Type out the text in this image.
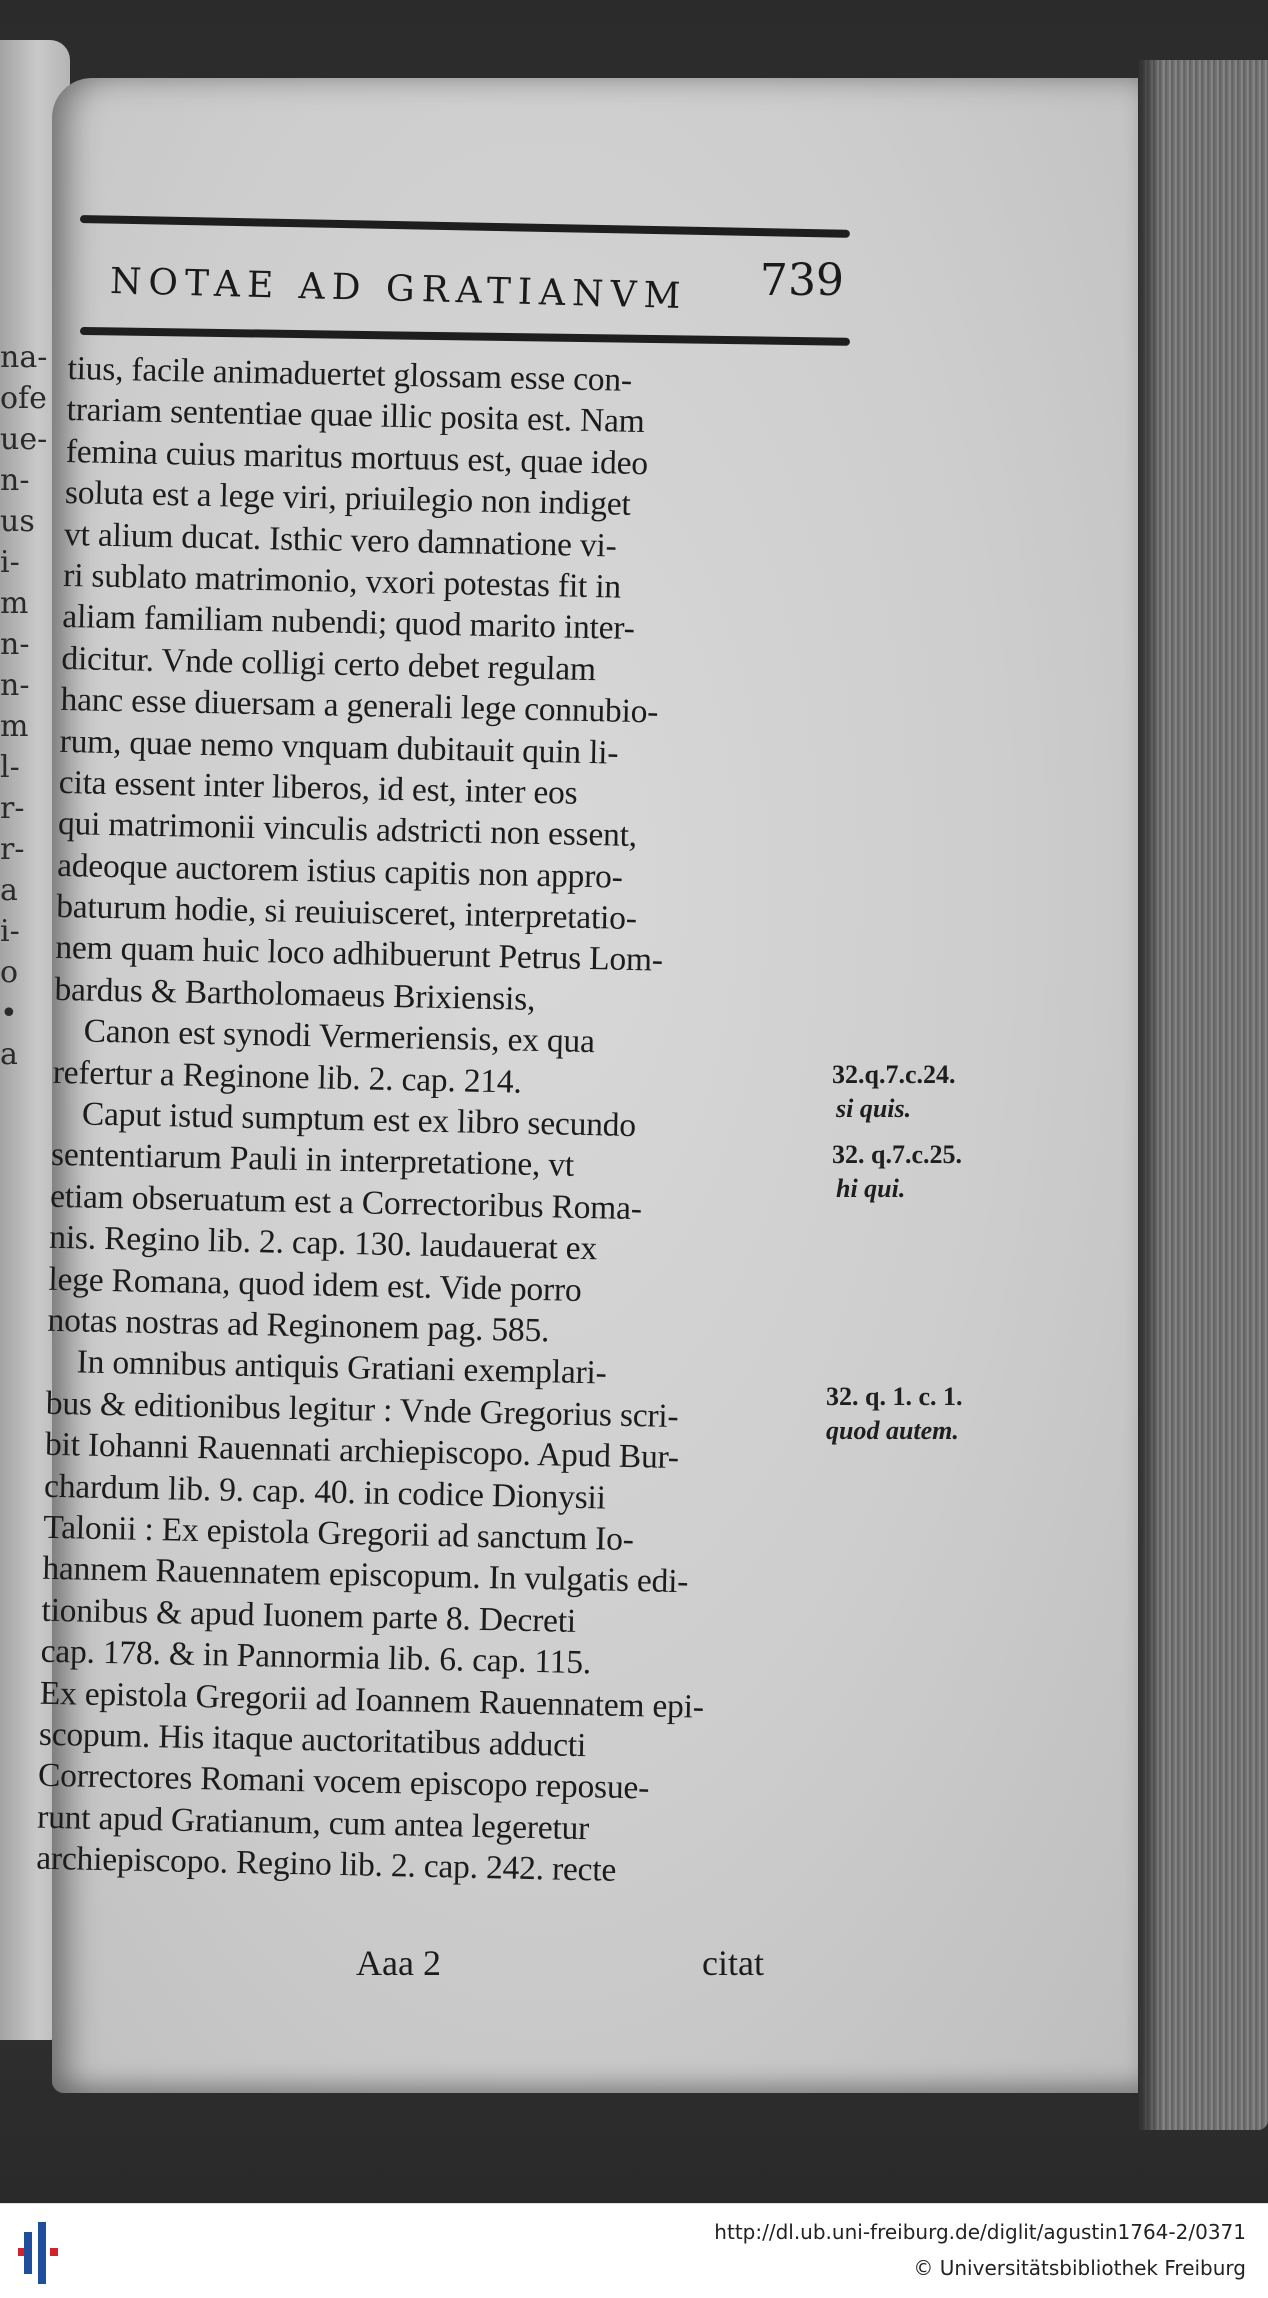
na-
ofe
ue-
n-
us
i-
m
n-
n-
m
l-
r-
r-
a
i-
o
•
a
NOTAE AD GRATIANVM 739
tius, facile animaduertet glossam esse con-
trariam sententiae quae illic posita est. Nam
femina cuius maritus mortuus est, quae ideo
soluta est a lege viri, priuilegio non indiget
vt alium ducat. Isthic vero damnatione vi-
ri sublato matrimonio, vxori potestas fit in
aliam familiam nubendi; quod marito inter-
dicitur. Vnde colligi certo debet regulam
hanc esse diuersam a generali lege connubio-
rum, quae nemo vnquam dubitauit quin li-
cita essent inter liberos, id est, inter eos
qui matrimonii vinculis adstricti non essent,
adeoque auctorem istius capitis non appro-
baturum hodie, si reuiuisceret, interpretatio-
nem quam huic loco adhibuerunt Petrus Lom-
bardus & Bartholomaeus Brixiensis,
Canon est synodi Vermeriensis, ex qua
refertur a Reginone lib. 2. cap. 214.
Caput istud sumptum est ex libro secundo
sententiarum Pauli in interpretatione, vt
etiam obseruatum est a Correctoribus Roma-
nis. Regino lib. 2. cap. 130. laudauerat ex
lege Romana, quod idem est. Vide porro
notas nostras ad Reginonem pag. 585.
In omnibus antiquis Gratiani exemplari-
bus & editionibus legitur : Vnde Gregorius scri-
bit Iohanni Rauennati archiepiscopo. Apud Bur-
chardum lib. 9. cap. 40. in codice Dionysii
Talonii : Ex epistola Gregorii ad sanctum Io-
hannem Rauennatem episcopum. In vulgatis edi-
tionibus & apud Iuonem parte 8. Decreti
cap. 178. & in Pannormia lib. 6. cap. 115.
Ex epistola Gregorii ad Ioannem Rauennatem epi-
scopum. His itaque auctoritatibus adducti
Correctores Romani vocem episcopo reposue-
runt apud Gratianum, cum antea legeretur
archiepiscopo. Regino lib. 2. cap. 242. recte
32.q.7.c.24.
si quis.
32. q.7.c.25.
hi qui.
32. q. 1. c. 1.
quod autem.
Aaa 2	citat
http://dl.ub.uni-freiburg.de/diglit/agustin1764-2/0371
© Universitätsbibliothek Freiburg
